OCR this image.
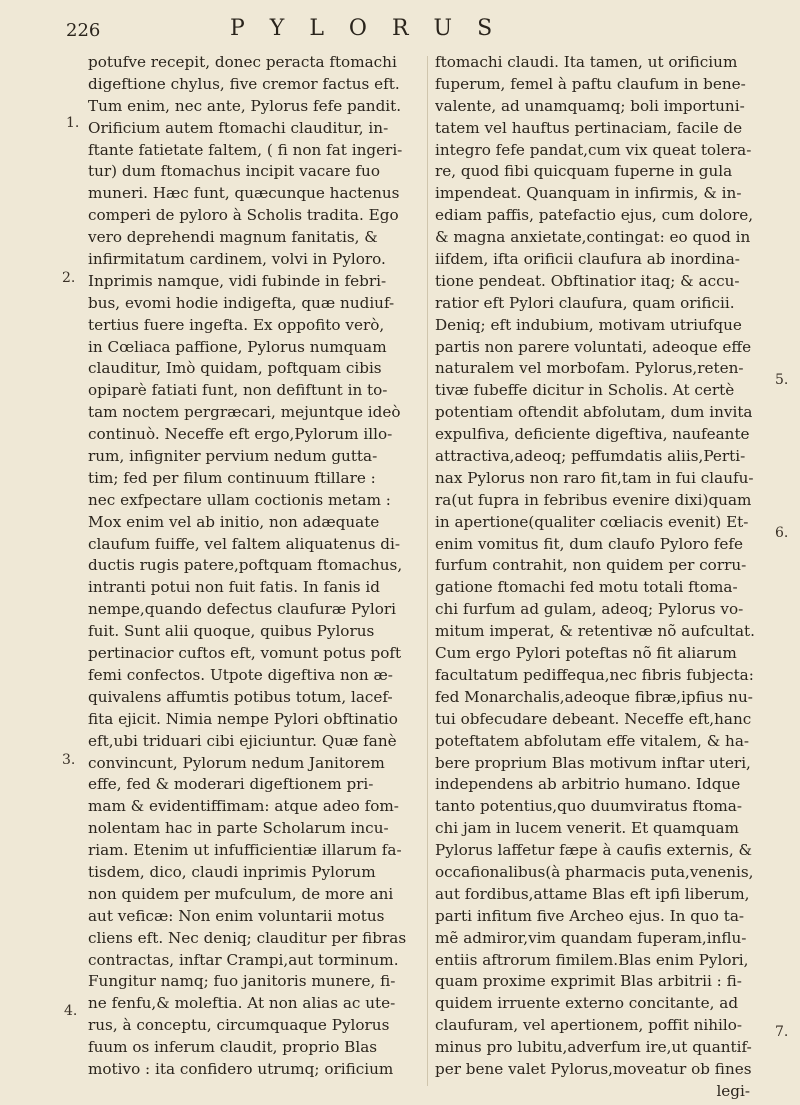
226	PYLORUS
potufve recepit, donec peracta ftomachi
digeftione chylus, five cremor factus eft.
Tum enim, nec ante, Pylorus fefe pandit.
Orificium autem ftomachi clauditur, in-
ftante fatietate faltem, ( fi non fat ingeri-
tur) dum ftomachus incipit vacare fuo
muneri. Hæc funt, quæcunque hactenus
comperi de pyloro à Scholis tradita. Ego
vero deprehendi magnum fanitatis, &
infirmitatum cardinem, volvi in Pyloro.
Inprimis namque, vidi fubinde in febri-
bus, evomi hodie indigefta, quæ nudiuf-
tertius fuere ingefta. Ex oppofito verò,
in Cœliaca paffione, Pylorus numquam
clauditur, Imò quidam, poftquam cibis
opiparè fatiati funt, non defiftunt in to-
tam noctem pergræcari, mejuntque ideò
continuò. Neceffe eft ergo,Pylorum illo-
rum, infigniter pervium nedum gutta-
tim; fed per filum continuum ftillare :
nec exfpectare ullam coctionis metam :
Mox enim vel ab initio, non adæquate
claufum fuiffe, vel faltem aliquatenus di-
ductis rugis patere,poftquam ftomachus,
intranti potui non fuit fatis. In fanis id
nempe,quando defectus claufuræ Pylori
fuit. Sunt alii quoque, quibus Pylorus
pertinacior cuftos eft, vomunt potus poft
femi confectos. Utpote digeftiva non æ-
quivalens affumtis potibus totum, lacef-
fita ejicit. Nimia nempe Pylori obftinatio
eft,ubi triduari cibi ejiciuntur. Quæ fanè
convincunt, Pylorum nedum Janitorem
effe, fed & moderari digeftionem pri-
mam & evidentiffimam: atque adeo fom-
nolentam hac in parte Scholarum incu-
riam. Etenim ut infufficientiæ illarum fa-
tisdem, dico, claudi inprimis Pylorum
non quidem per mufculum, de more ani
aut veficæ: Non enim voluntarii motus
cliens eft. Nec deniq; clauditur per fibras
contractas, inftar Crampi,aut torminum.
Fungitur namq; fuo janitoris munere, fi-
ne fenfu,& moleftia. At non alias ac ute-
rus, à conceptu, circumquaque Pylorus
fuum os inferum claudit, proprio Blas
motivo : ita confidero utrumq; orificium
ftomachi claudi. Ita tamen, ut orificium
fuperum, femel à paftu claufum in bene-
valente, ad unamquamq; boli importuni-
tatem vel hauftus pertinaciam, facile de
integro fefe pandat,cum vix queat tolera-
re, quod fibi quicquam fuperne in gula
impendeat. Quanquam in infirmis, & in-
ediam paffis, patefactio ejus, cum dolore,
& magna anxietate,contingat: eo quod in
iifdem, ifta orificii claufura ab inordina-
tione pendeat. Obftinatior itaq; & accu-
ratior eft Pylori claufura, quam orificii.
Deniq; eft indubium, motivam utriufque
partis non parere voluntati, adeoque effe
naturalem vel morbofam. Pylorus,reten-
tivæ fubeffe dicitur in Scholis. At certè
potentiam oftendit abfolutam, dum invita
expulfiva, deficiente digeftiva, naufeante
attractiva,adeoq; peffumdatis aliis,Perti-
nax Pylorus non raro fit,tam in fui claufu-
ra(ut fupra in febribus evenire dixi)quam
in apertione(qualiter cœliacis evenit) Et-
enim vomitus fit, dum claufo Pyloro fefe
furfum contrahit, non quidem per corru-
gatione ftomachi fed motu totali ftoma-
chi furfum ad gulam, adeoq; Pylorus vo-
mitum imperat, & retentivæ nõ aufcultat.
Cum ergo Pylori poteftas nõ fit aliarum
facultatum pediffequa,nec fibris fubjecta:
fed Monarchalis,adeoque fibræ,ipfius nu-
tui obfecudare debeant. Neceffe eft,hanc
poteftatem abfolutam effe vitalem, & ha-
bere proprium Blas motivum inftar uteri,
independens ab arbitrio humano. Idque
tanto potentius,quo duumviratus ftoma-
chi jam in lucem venerit. Et quamquam
Pylorus laffetur fæpe à caufis externis, &
occafionalibus(à pharmacis puta,venenis,
aut fordibus,attame Blas eft ipfi liberum,
parti infitum five Archeo ejus. In quo ta-
mẽ admiror,vim quandam fuperam,influ-
entiis aftrorum fimilem.Blas enim Pylori,
quam proxime exprimit Blas arbitrii : fi-
quidem irruente externo concitante, ad
claufuram, vel apertionem, poffit nihilo-
minus pro lubitu,adverfum ire,ut quantif-
per bene valet Pylorus,moveatur ob fines
legi-
1.
2.
3.
4.
5.
6.
7.
